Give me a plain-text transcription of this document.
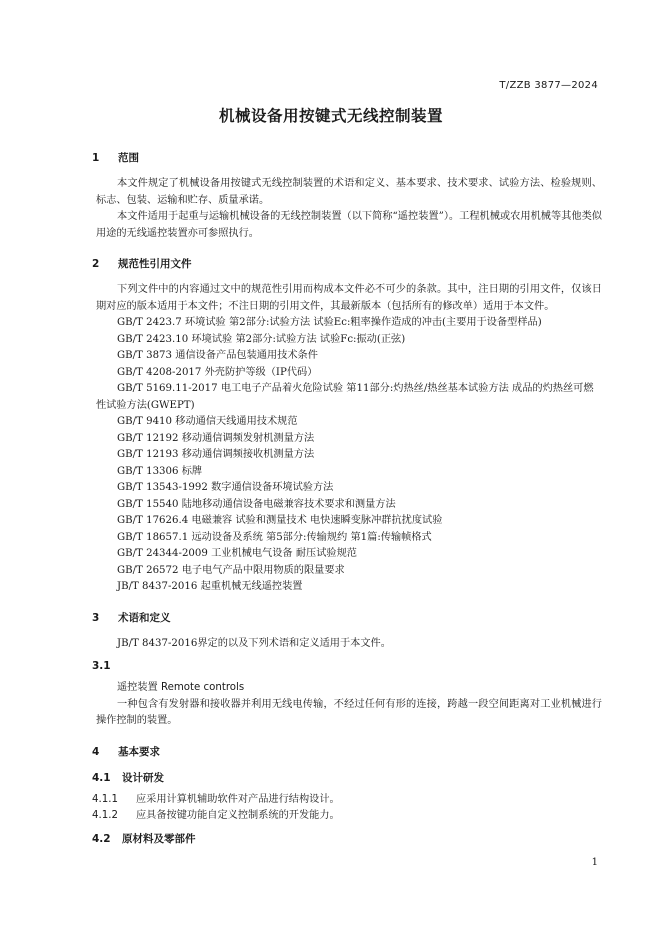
T/ZZB 3877—2024
机械设备用按键式无线控制装置
1 范围

本文件规定了机械设备用按键式无线控制装置的术语和定义、基本要求、技术要求、试验方法、检验规则、标志、包装、运输和贮存、质量承诺。

本文件适用于起重与运输机械设备的无线控制装置（以下简称“遥控装置”）。工程机械或农用机械等其他类似用途的无线遥控装置亦可参照执行。

2 规范性引用文件

下列文件中的内容通过文中的规范性引用而构成本文件必不可少的条款。其中，注日期的引用文件，仅该日期对应的版本适用于本文件；不注日期的引用文件，其最新版本（包括所有的修改单）适用于本文件。

GB/T 2423.7 环境试验 第2部分:试验方法 试验Ec:粗率操作造成的冲击(主要用于设备型样品)

GB/T 2423.10 环境试验 第2部分:试验方法 试验Fc:振动(正弦)

GB/T 3873 通信设备产品包装通用技术条件

GB/T 4208-2017 外壳防护等级（IP代码）

GB/T 5169.11-2017 电工电子产品着火危险试验 第11部分:灼热丝/热丝基本试验方法 成品的灼热丝可燃性试验方法(GWEPT)

GB/T 9410 移动通信天线通用技术规范

GB/T 12192 移动通信调频发射机测量方法

GB/T 12193 移动通信调频接收机测量方法

GB/T 13306 标牌

GB/T 13543-1992 数字通信设备环境试验方法

GB/T 15540 陆地移动通信设备电磁兼容技术要求和测量方法

GB/T 17626.4 电磁兼容 试验和测量技术 电快速瞬变脉冲群抗扰度试验

GB/T 18657.1 远动设备及系统 第5部分:传输规约 第1篇:传输帧格式

GB/T 24344-2009 工业机械电气设备 耐压试验规范

GB/T 26572 电子电气产品中限用物质的限量要求

JB/T 8437-2016 起重机械无线遥控装置

3 术语和定义

JB/T 8437-2016界定的以及下列术语和定义适用于本文件。

3.1

遥控装置 Remote controls

一种包含有发射器和接收器并利用无线电传输，不经过任何有形的连接，跨越一段空间距离对工业机械进行操作控制的装置。

4 基本要求
4.1 设计研发

4.1.1 应采用计算机辅助软件对产品进行结构设计。

4.1.2 应具备按键功能自定义控制系统的开发能力。

4.2 原材料及零部件
1
